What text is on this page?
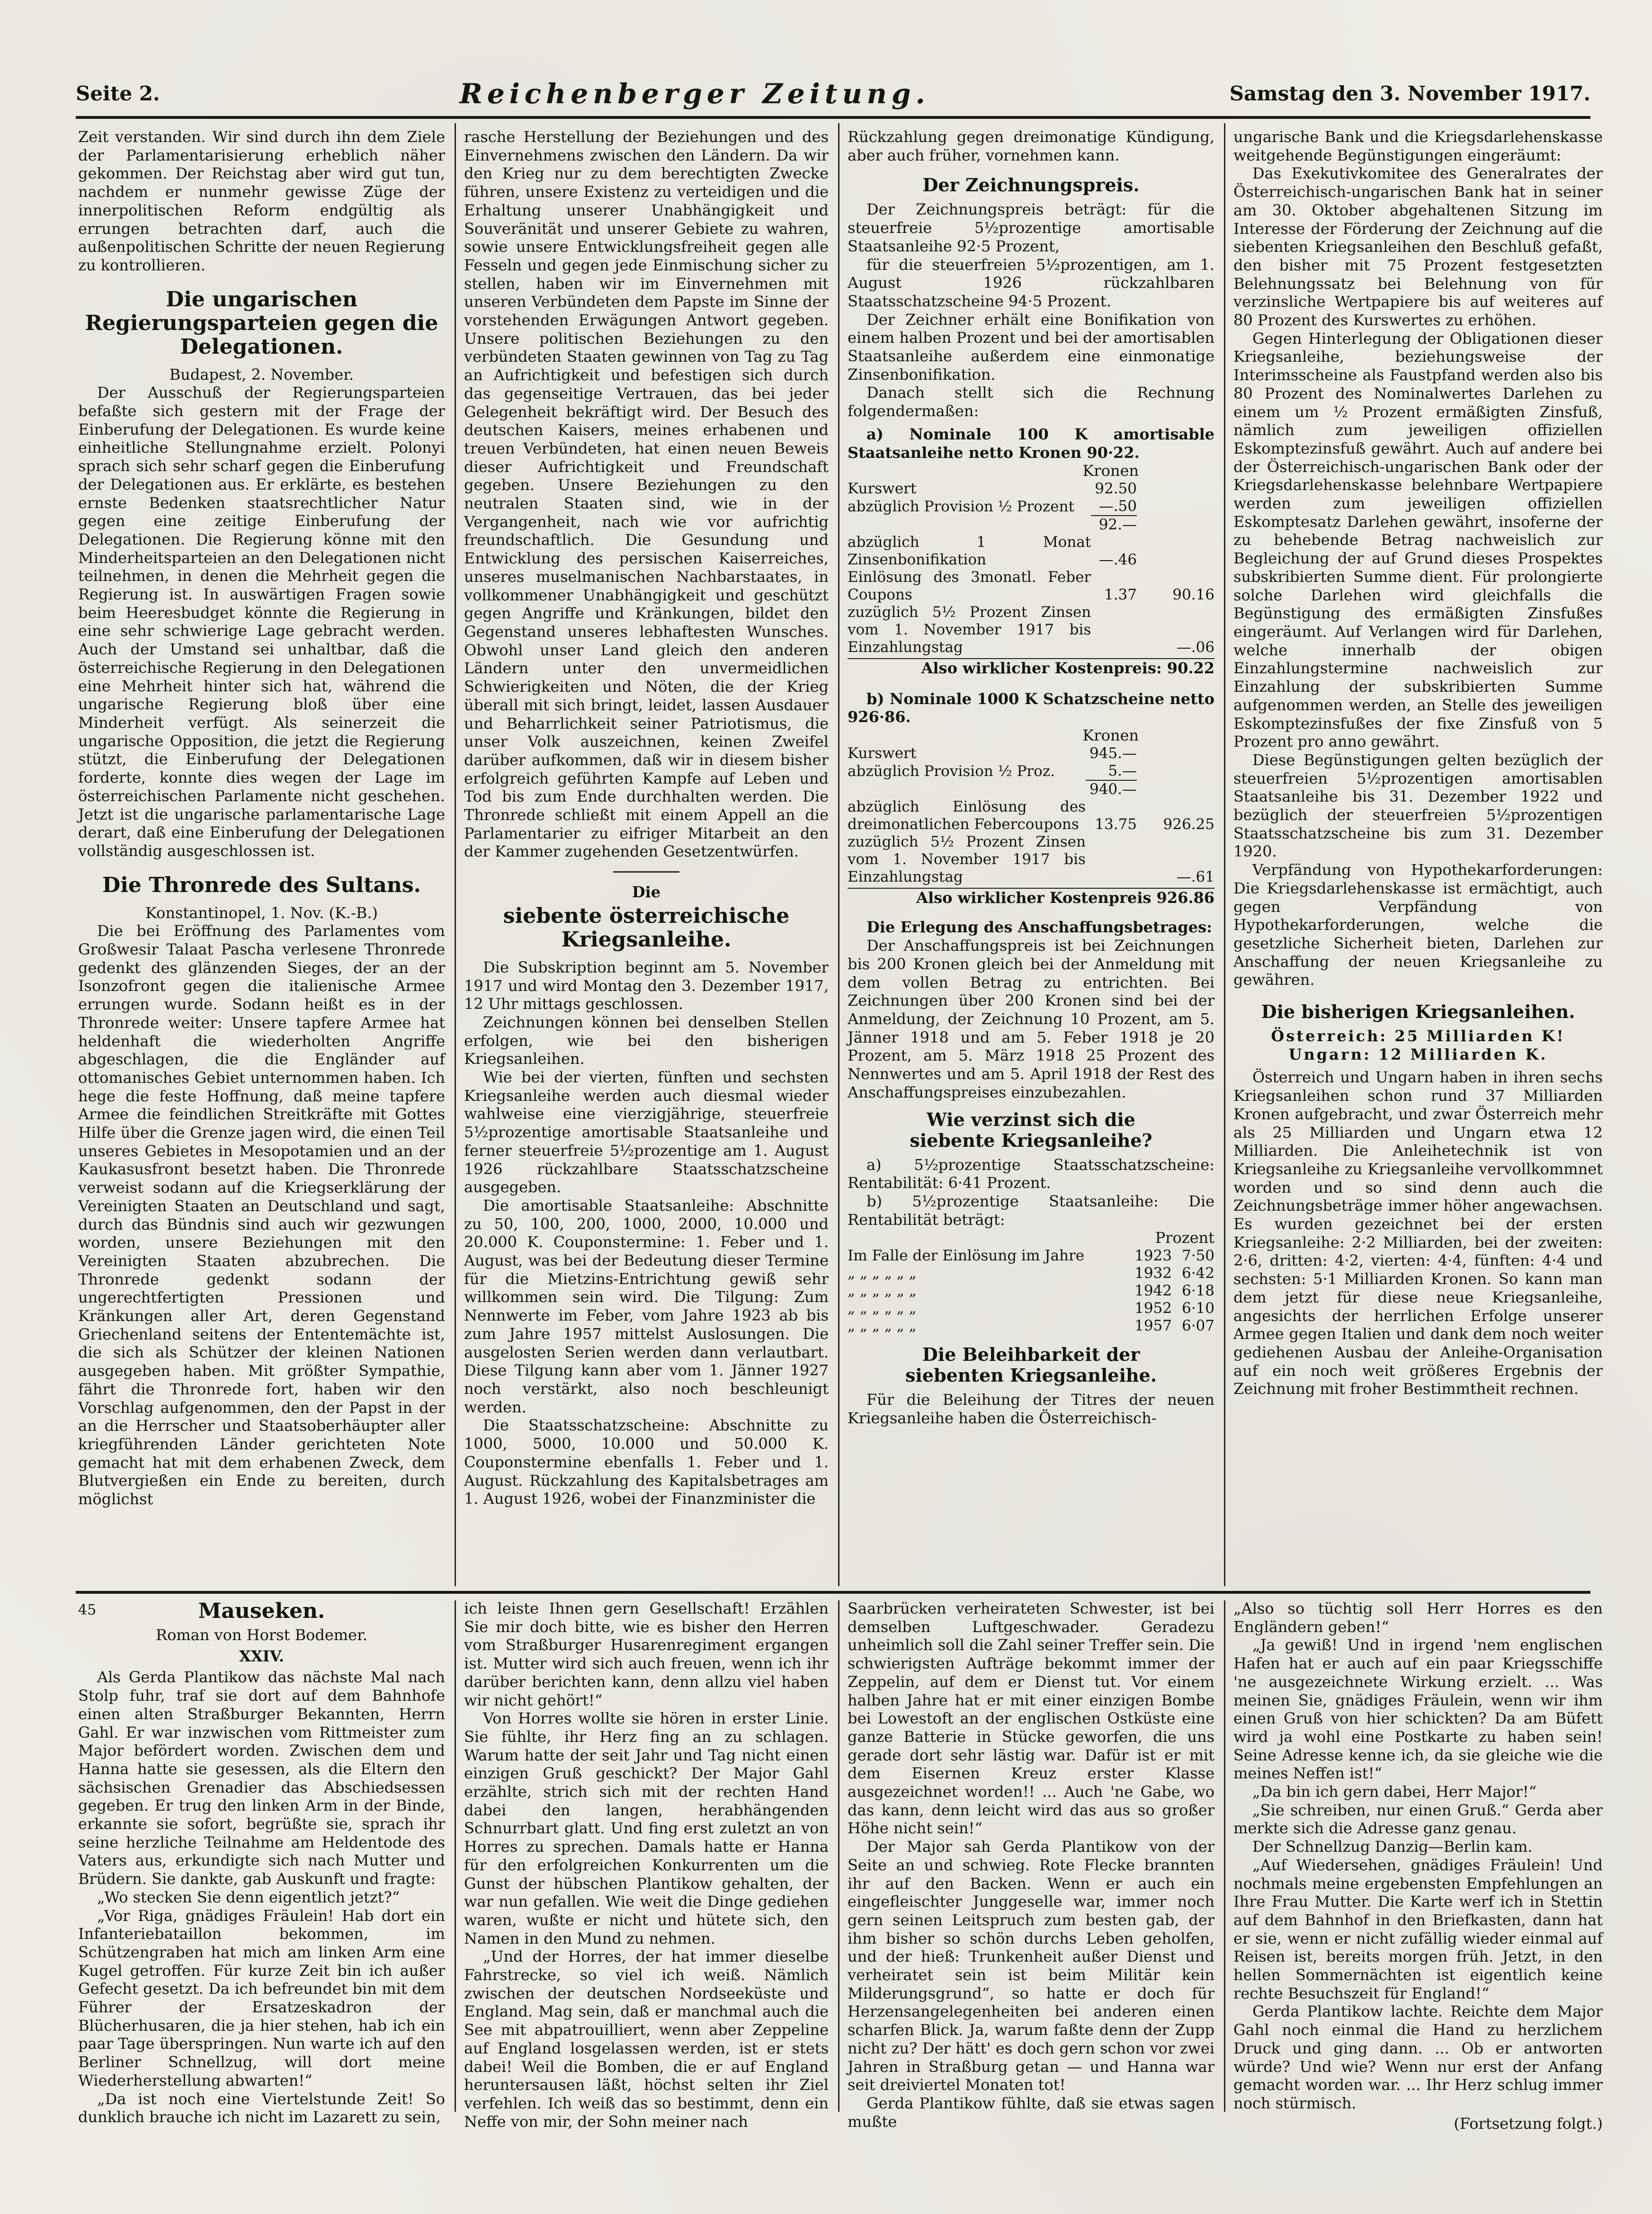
Seite 2.	Reichenberger Zeitung.	Samstag den 3. November 1917.

Zeit verstanden. Wir sind durch ihn dem Ziele der Parlamentarisierung erheblich näher gekommen. Der Reichstag aber wird gut tun, nachdem er nunmehr gewisse Züge der innerpolitischen Reform endgültig als errungen betrachten darf, auch die außenpolitischen Schritte der neuen Regierung zu kontrollieren.

Die ungarischen Regierungsparteien gegen die Delegationen.

Budapest, 2. November.

Der Ausschuß der Regierungsparteien befaßte sich gestern mit der Frage der Einberufung der Delegationen. Es wurde keine einheitliche Stellungnahme erzielt. Polonyi sprach sich sehr scharf gegen die Einberufung der Delegationen aus. Er erklärte, es bestehen ernste Bedenken staatsrechtlicher Natur gegen eine zeitige Einberufung der Delegationen. Die Regierung könne mit den Minderheitsparteien an den Delegationen nicht teilnehmen, in denen die Mehrheit gegen die Regierung ist. In auswärtigen Fragen sowie beim Heeresbudget könnte die Regierung in eine sehr schwierige Lage gebracht werden. Auch der Umstand sei unhaltbar, daß die österreichische Regierung in den Delegationen eine Mehrheit hinter sich hat, während die ungarische Regierung bloß über eine Minderheit verfügt. Als seinerzeit die ungarische Opposition, die jetzt die Regierung stützt, die Einberufung der Delegationen forderte, konnte dies wegen der Lage im österreichischen Parlamente nicht geschehen. Jetzt ist die ungarische parlamentarische Lage derart, daß eine Einberufung der Delegationen vollständig ausgeschlossen ist.

Die Thronrede des Sultans.

Konstantinopel, 1. Nov. (K.-B.)

Die bei Eröffnung des Parlamentes vom Großwesir Talaat Pascha verlesene Thronrede gedenkt des glänzenden Sieges, der an der Isonzofront gegen die italienische Armee errungen wurde. Sodann heißt es in der Thronrede weiter: Unsere tapfere Armee hat heldenhaft die wiederholten Angriffe abgeschlagen, die die Engländer auf ottomanisches Gebiet unternommen haben. Ich hege die feste Hoffnung, daß meine tapfere Armee die feindlichen Streitkräfte mit Gottes Hilfe über die Grenze jagen wird, die einen Teil unseres Gebietes in Mesopotamien und an der Kaukasusfront besetzt haben. Die Thronrede verweist sodann auf die Kriegserklärung der Vereinigten Staaten an Deutschland und sagt, durch das Bündnis sind auch wir gezwungen worden, unsere Beziehungen mit den Vereinigten Staaten abzubrechen. Die Thronrede gedenkt sodann der ungerechtfertigten Pressionen und Kränkungen aller Art, deren Gegenstand Griechenland seitens der Ententemächte ist, die sich als Schützer der kleinen Nationen ausgegeben haben. Mit größter Sympathie, fährt die Thronrede fort, haben wir den Vorschlag aufgenommen, den der Papst in der an die Herrscher und Staatsoberhäupter aller kriegführenden Länder gerichteten Note gemacht hat mit dem erhabenen Zweck, dem Blutvergießen ein Ende zu bereiten, durch möglichst

rasche Herstellung der Beziehungen und des Einvernehmens zwischen den Ländern. Da wir den Krieg nur zu dem berechtigten Zwecke führen, unsere Existenz zu verteidigen und die Erhaltung unserer Unabhängigkeit und Souveränität und unserer Gebiete zu wahren, sowie unsere Entwicklungsfreiheit gegen alle Fesseln und gegen jede Einmischung sicher zu stellen, haben wir im Einvernehmen mit unseren Verbündeten dem Papste im Sinne der vorstehenden Erwägungen Antwort gegeben. Unsere politischen Beziehungen zu den verbündeten Staaten gewinnen von Tag zu Tag an Aufrichtigkeit und befestigen sich durch das gegenseitige Vertrauen, das bei jeder Gelegenheit bekräftigt wird. Der Besuch des deutschen Kaisers, meines erhabenen und treuen Verbündeten, hat einen neuen Beweis dieser Aufrichtigkeit und Freundschaft gegeben. Unsere Beziehungen zu den neutralen Staaten sind, wie in der Vergangenheit, nach wie vor aufrichtig freundschaftlich. Die Gesundung und Entwicklung des persischen Kaiserreiches, unseres muselmanischen Nachbarstaates, in vollkommener Unabhängigkeit und geschützt gegen Angriffe und Kränkungen, bildet den Gegenstand unseres lebhaftesten Wunsches. Obwohl unser Land gleich den anderen Ländern unter den unvermeidlichen Schwierigkeiten und Nöten, die der Krieg überall mit sich bringt, leidet, lassen Ausdauer und Beharrlichkeit seiner Patriotismus, die unser Volk auszeichnen, keinen Zweifel darüber aufkommen, daß wir in diesem bisher erfolgreich geführten Kampfe auf Leben und Tod bis zum Ende durchhalten werden. Die Thronrede schließt mit einem Appell an die Parlamentarier zu eifriger Mitarbeit an den der Kammer zugehenden Gesetzentwürfen.

Die
siebente österreichische Kriegsanleihe.

Die Subskription beginnt am 5. November 1917 und wird Montag den 3. Dezember 1917, 12 Uhr mittags geschlossen.

Zeichnungen können bei denselben Stellen erfolgen, wie bei den bisherigen Kriegsanleihen.

Wie bei der vierten, fünften und sechsten Kriegsanleihe werden auch diesmal wieder wahlweise eine vierzigjährige, steuerfreie 5½prozentige amortisable Staatsanleihe und ferner steuerfreie 5½prozentige am 1. August 1926 rückzahlbare Staatsschatzscheine ausgegeben.

Die amortisable Staatsanleihe: Abschnitte zu 50, 100, 200, 1000, 2000, 10.000 und 20.000 K. Couponstermine: 1. Feber und 1. August, was bei der Bedeutung dieser Termine für die Mietzins-Entrichtung gewiß sehr willkommen sein wird. Die Tilgung: Zum Nennwerte im Feber, vom Jahre 1923 ab bis zum Jahre 1957 mittelst Auslosungen. Die ausgelosten Serien werden dann verlautbart. Diese Tilgung kann aber vom 1. Jänner 1927 noch verstärkt, also noch beschleunigt werden.

Die Staatsschatzscheine: Abschnitte zu 1000, 5000, 10.000 und 50.000 K. Couponstermine ebenfalls 1. Feber und 1. August. Rückzahlung des Kapitalsbetrages am 1. August 1926, wobei der Finanzminister die

Rückzahlung gegen dreimonatige Kündigung, aber auch früher, vornehmen kann.

Der Zeichnungspreis.

Der Zeichnungspreis beträgt: für die steuerfreie 5½prozentige amortisable Staatsanleihe 92·5 Prozent,

für die steuerfreien 5½prozentigen, am 1. August 1926 rückzahlbaren Staatsschatzscheine 94·5 Prozent.

Der Zeichner erhält eine Bonifikation von einem halben Prozent und bei der amortisablen Staatsanleihe außerdem eine einmonatige Zinsenbonifikation.

Danach stellt sich die Rechnung folgendermaßen:

a) Nominale 100 K amortisable Staatsanleihe netto Kronen 90·22.

Kronen
Kurswert	92.50	
abzüglich Provision ½ Prozent	—.50	
	92.—	
abzüglich 1 Monat Zinsenbonifikation	—.46	
Einlösung des 3monatl. Feber Coupons	1.37	90.16
zuzüglich 5½ Prozent Zinsen vom 1. November 1917 bis Einzahlungstag		—.06
Also wirklicher Kostenpreis: 90.22

b) Nominale 1000 K Schatzscheine netto 926·86.

Kronen
Kurswert	945.—	
abzüglich Provision ½ Proz.	5.—	
	940.—	
abzüglich Einlösung des dreimonatlichen Febercoupons	13.75	926.25
zuzüglich 5½ Prozent Zinsen vom 1. November 1917 bis Einzahlungstag		—.61
Also wirklicher Kostenpreis 926.86

Die Erlegung des Anschaffungsbetrages:

Der Anschaffungspreis ist bei Zeichnungen bis 200 Kronen gleich bei der Anmeldung mit dem vollen Betrag zu entrichten. Bei Zeichnungen über 200 Kronen sind bei der Anmeldung, der Zeichnung 10 Prozent, am 5. Jänner 1918 und am 5. Feber 1918 je 20 Prozent, am 5. März 1918 25 Prozent des Nennwertes und am 5. April 1918 der Rest des Anschaffungspreises einzubezahlen.

Wie verzinst sich die
siebente Kriegsanleihe?

a) 5½prozentige Staatsschatzscheine: Rentabilität: 6·41 Prozent.

b) 5½prozentige Staatsanleihe: Die Rentabilität beträgt:

Prozent
Im Falle der Einlösung im Jahre	1923	7·50
„ „ „ „ „ „	1932	6·42
„ „ „ „ „ „	1942	6·18
„ „ „ „ „ „	1952	6·10
„ „ „ „ „ „	1957	6·07
Die Beleihbarkeit der
siebenten Kriegsanleihe.

Für die Beleihung der Titres der neuen Kriegsanleihe haben die Österreichisch-

ungarische Bank und die Kriegsdarlehenskasse weitgehende Begünstigungen eingeräumt:

Das Exekutivkomitee des Generalrates der Österreichisch-ungarischen Bank hat in seiner am 30. Oktober abgehaltenen Sitzung im Interesse der Förderung der Zeichnung auf die siebenten Kriegsanleihen den Beschluß gefaßt, den bisher mit 75 Prozent festgesetzten Belehnungssatz bei Belehnung von für verzinsliche Wertpapiere bis auf weiteres auf 80 Prozent des Kurswertes zu erhöhen.

Gegen Hinterlegung der Obligationen dieser Kriegsanleihe, beziehungsweise der Interimsscheine als Faustpfand werden also bis 80 Prozent des Nominalwertes Darlehen zu einem um ½ Prozent ermäßigten Zinsfuß, nämlich zum jeweiligen offiziellen Eskomptezinsfuß gewährt. Auch auf andere bei der Österreichisch-ungarischen Bank oder der Kriegsdarlehenskasse belehnbare Wertpapiere werden zum jeweiligen offiziellen Eskomptesatz Darlehen gewährt, insoferne der zu behebende Betrag nachweislich zur Begleichung der auf Grund dieses Prospektes subskribierten Summe dient. Für prolongierte solche Darlehen wird gleichfalls die Begünstigung des ermäßigten Zinsfußes eingeräumt. Auf Verlangen wird für Darlehen, welche innerhalb der obigen Einzahlungstermine nachweislich zur Einzahlung der subskribierten Summe aufgenommen werden, an Stelle des jeweiligen Eskomptezinsfußes der fixe Zinsfuß von 5 Prozent pro anno gewährt.

Diese Begünstigungen gelten bezüglich der steuerfreien 5½prozentigen amortisablen Staatsanleihe bis 31. Dezember 1922 und bezüglich der steuerfreien 5½prozentigen Staatsschatzscheine bis zum 31. Dezember 1920.

Verpfändung von Hypothekarforderungen: Die Kriegsdarlehenskasse ist ermächtigt, auch gegen Verpfändung von Hypothekarforderungen, welche die gesetzliche Sicherheit bieten, Darlehen zur Anschaffung der neuen Kriegsanleihe zu gewähren.

Die bisherigen Kriegsanleihen.

Österreich: 25 Milliarden K!

Ungarn: 12 Milliarden K.

Österreich und Ungarn haben in ihren sechs Kriegsanleihen schon rund 37 Milliarden Kronen aufgebracht, und zwar Österreich mehr als 25 Milliarden und Ungarn etwa 12 Milliarden. Die Anleihetechnik ist von Kriegsanleihe zu Kriegsanleihe vervollkommnet worden und so sind denn auch die Zeichnungsbeträge immer höher angewachsen. Es wurden gezeichnet bei der ersten Kriegsanleihe: 2·2 Milliarden, bei der zweiten: 2·6, dritten: 4·2, vierten: 4·4, fünften: 4·4 und sechsten: 5·1 Milliarden Kronen. So kann man dem jetzt für diese neue Kriegsanleihe, angesichts der herrlichen Erfolge unserer Armee gegen Italien und dank dem noch weiter gediehenen Ausbau der Anleihe-Organisation auf ein noch weit größeres Ergebnis der Zeichnung mit froher Bestimmtheit rechnen.

45	Mauseken.
Roman von Horst Bodemer.
XXIV.

Als Gerda Plantikow das nächste Mal nach Stolp fuhr, traf sie dort auf dem Bahnhofe einen alten Straßburger Bekannten, Herrn Gahl. Er war inzwischen vom Rittmeister zum Major befördert worden. Zwischen dem und Hanna hatte sie gesessen, als die Eltern den sächsischen Grenadier das Abschiedsessen gegeben. Er trug den linken Arm in der Binde, erkannte sie sofort, begrüßte sie, sprach ihr seine herzliche Teilnahme am Heldentode des Vaters aus, erkundigte sich nach Mutter und Brüdern. Sie dankte, gab Auskunft und fragte:

„Wo stecken Sie denn eigentlich jetzt?“

„Vor Riga, gnädiges Fräulein! Hab dort ein Infanteriebataillon bekommen, im Schützengraben hat mich am linken Arm eine Kugel getroffen. Für kurze Zeit bin ich außer Gefecht gesetzt. Da ich befreundet bin mit dem Führer der Ersatzeskadron der Blücherhusaren, die ja hier stehen, hab ich ein paar Tage überspringen. Nun warte ich auf den Berliner Schnellzug, will dort meine Wiederherstellung abwarten!“

„Da ist noch eine Viertelstunde Zeit! So dunklich brauche ich nicht im Lazarett zu sein,

ich leiste Ihnen gern Gesellschaft! Erzählen Sie mir doch bitte, wie es bisher den Herren vom Straßburger Husarenregiment ergangen ist. Mutter wird sich auch freuen, wenn ich ihr darüber berichten kann, denn allzu viel haben wir nicht gehört!“

Von Horres wollte sie hören in erster Linie. Sie fühlte, ihr Herz fing an zu schlagen. Warum hatte der seit Jahr und Tag nicht einen einzigen Gruß geschickt? Der Major Gahl erzählte, strich sich mit der rechten Hand dabei den langen, herabhängenden Schnurrbart glatt. Und fing erst zuletzt an von Horres zu sprechen. Damals hatte er Hanna für den erfolgreichen Konkurrenten um die Gunst der hübschen Plantikow gehalten, der war nun gefallen. Wie weit die Dinge gediehen waren, wußte er nicht und hütete sich, den Namen in den Mund zu nehmen.

„Und der Horres, der hat immer dieselbe Fahrstrecke, so viel ich weiß. Nämlich zwischen der deutschen Nordseeküste und England. Mag sein, daß er manchmal auch die See mit abpatrouilliert, wenn aber Zeppeline auf England losgelassen werden, ist er stets dabei! Weil die Bomben, die er auf England heruntersausen läßt, höchst selten ihr Ziel verfehlen. Ich weiß das so bestimmt, denn ein Neffe von mir, der Sohn meiner nach

Saarbrücken verheirateten Schwester, ist bei demselben Luftgeschwader. Geradezu unheimlich soll die Zahl seiner Treffer sein. Die schwierigsten Aufträge bekommt immer der Zeppelin, auf dem er Dienst tut. Vor einem halben Jahre hat er mit einer einzigen Bombe bei Lowestoft an der englischen Ostküste eine ganze Batterie in Stücke geworfen, die uns gerade dort sehr lästig war. Dafür ist er mit dem Eisernen Kreuz erster Klasse ausgezeichnet worden!! ... Auch 'ne Gabe, wo das kann, denn leicht wird das aus so großer Höhe nicht sein!“

Der Major sah Gerda Plantikow von der Seite an und schwieg. Rote Flecke brannten ihr auf den Backen. Wenn er auch ein eingefleischter Junggeselle war, immer noch gern seinen Leitspruch zum besten gab, der ihm bisher so schön durchs Leben geholfen, und der hieß: Trunkenheit außer Dienst und verheiratet sein ist beim Militär kein Milderungsgrund“, so hatte er doch für Herzensangelegenheiten bei anderen einen scharfen Blick. Ja, warum faßte denn der Zupp nicht zu? Der hätt' es doch gern schon vor zwei Jahren in Straßburg getan — und Hanna war seit dreiviertel Monaten tot!

Gerda Plantikow fühlte, daß sie etwas sagen mußte

„Also so tüchtig soll Herr Horres es den Engländern geben!“

„Ja gewiß! Und in irgend 'nem englischen Hafen hat er auch auf ein paar Kriegsschiffe 'ne ausgezeichnete Wirkung erzielt. ... Was meinen Sie, gnädiges Fräulein, wenn wir ihm einen Gruß von hier schickten? Da am Büfett wird ja wohl eine Postkarte zu haben sein! Seine Adresse kenne ich, da sie gleiche wie die meines Neffen ist!“

„Da bin ich gern dabei, Herr Major!“

„Sie schreiben, nur einen Gruß.“ Gerda aber merkte sich die Adresse ganz genau.

Der Schnellzug Danzig—Berlin kam.

„Auf Wiedersehen, gnädiges Fräulein! Und nochmals meine ergebensten Empfehlungen an Ihre Frau Mutter. Die Karte werf ich in Stettin auf dem Bahnhof in den Briefkasten, dann hat er sie, wenn er nicht zufällig wieder einmal auf Reisen ist, bereits morgen früh. Jetzt, in den hellen Sommernächten ist eigentlich keine rechte Besuchszeit für England!“

Gerda Plantikow lachte. Reichte dem Major Gahl noch einmal die Hand zu herzlichem Druck und ging dann. ... Ob er antworten würde? Und wie? Wenn nur erst der Anfang gemacht worden war. ... Ihr Herz schlug immer noch stürmisch.

(Fortsetzung folgt.)
